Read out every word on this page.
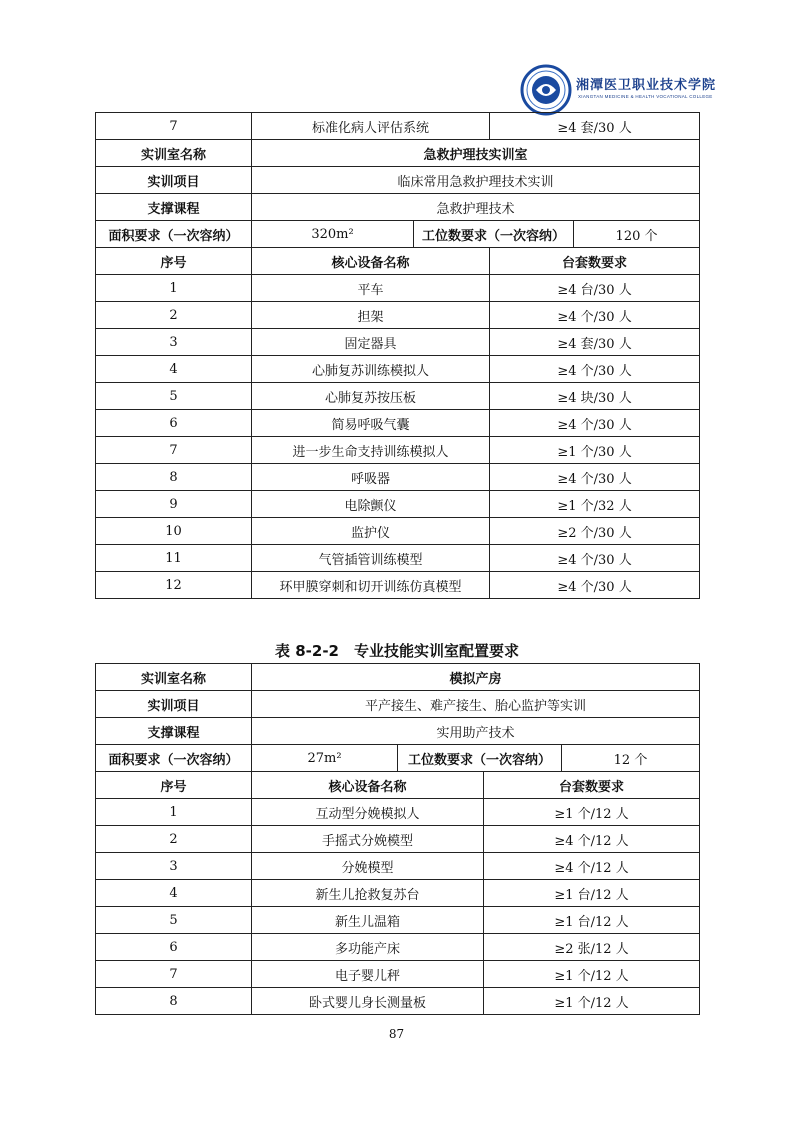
湘潭医卫职业技术学院
XIANGTAN MEDICINE & HEALTH VOCATIONAL COLLEGE
7	标准化病人评估系统		≥4 套/30 人	
实训室名称	急救护理技实训室			
实训项目	临床常用急救护理技术实训			
支撑课程	急救护理技术			
面积要求（一次容纳）	320m²	工位数要求（一次容纳）		120 个
序号	核心设备名称		台套数要求	
1	平车		≥4 台/30 人	
2	担架		≥4 个/30 人	
3	固定器具		≥4 套/30 人	
4	心肺复苏训练模拟人		≥4 个/30 人	
5	心肺复苏按压板		≥4 块/30 人	
6	简易呼吸气囊		≥4 个/30 人	
7	进一步生命支持训练模拟人		≥1 个/30 人	
8	呼吸器		≥4 个/30 人	
9	电除颤仪		≥1 个/32 人	
10	监护仪		≥2 个/30 人	
11	气管插管训练模型		≥4 个/30 人	
12	环甲膜穿刺和切开训练仿真模型		≥4 个/30 人	
表 8-2-2　专业技能实训室配置要求
实训室名称	模拟产房			
实训项目	平产接生、难产接生、胎心监护等实训			
支撑课程	实用助产技术			
面积要求（一次容纳）	27m²	工位数要求（一次容纳）		12 个
序号	核心设备名称		台套数要求	
1	互动型分娩模拟人		≥1 个/12 人	
2	手摇式分娩模型		≥4 个/12 人	
3	分娩模型		≥4 个/12 人	
4	新生儿抢救复苏台		≥1 台/12 人	
5	新生儿温箱		≥1 台/12 人	
6	多功能产床		≥2 张/12 人	
7	电子婴儿秤		≥1 个/12 人	
8	卧式婴儿身长测量板		≥1 个/12 人	
87
